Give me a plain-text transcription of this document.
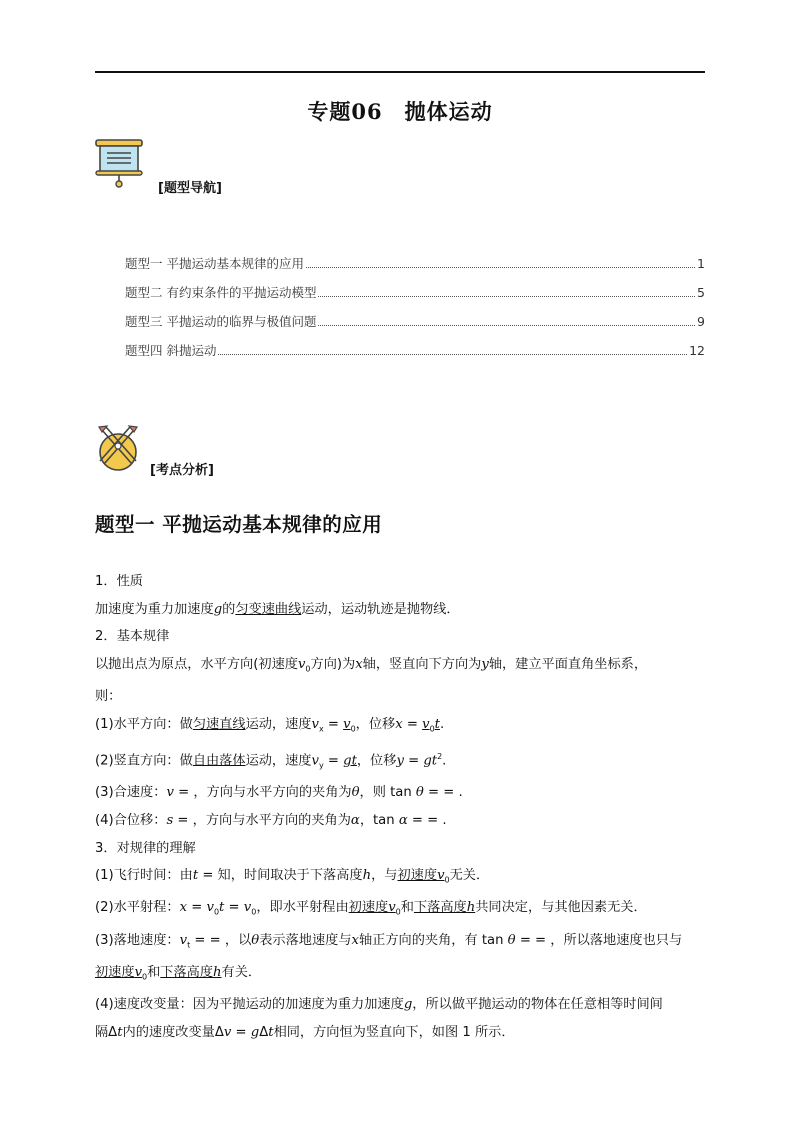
专题06　抛体运动
[题型导航]
题型一 平抛运动基本规律的应用	1
题型二 有约束条件的平抛运动模型	5
题型三 平抛运动的临界与极值问题	9
题型四 斜抛运动	12
[考点分析]
题型一 平抛运动基本规律的应用
1．性质
加速度为重力加速度g的匀变速曲线运动，运动轨迹是抛物线．
2．基本规律
以抛出点为原点，水平方向(初速度$v_0$方向)为x轴，竖直向下方向为y轴，建立平面直角坐标系，
则：
(1)水平方向：做匀速直线运动，速度$v_x = v_0$，位移$x = v_0t$.
(2)竖直方向：做自由落体运动，速度$v_y$ = gt，位移$y = gt^2$.
(3)合速度：v = ，方向与水平方向的夹角为θ，则 tan θ = = .
(4)合位移：s = ，方向与水平方向的夹角为α，tan α = = .
3．对规律的理解
(1)飞行时间：由t = 知，时间取决于下落高度h，与初速度$v_0$无关．
(2)水平射程：$x = v_0t = v_0$，即水平射程由初速度$v_0$和下落高度h共同决定，与其他因素无关．
(3)落地速度：$v_t$ = = ，以θ表示落地速度与x轴正方向的夹角，有 tan θ = = ，所以落地速度也只与
初速度$v_0$和下落高度h有关．
(4)速度改变量：因为平抛运动的加速度为重力加速度g，所以做平抛运动的物体在任意相等时间间
隔Δt内的速度改变量Δv = gΔt相同，方向恒为竖直向下，如图 1 所示．
